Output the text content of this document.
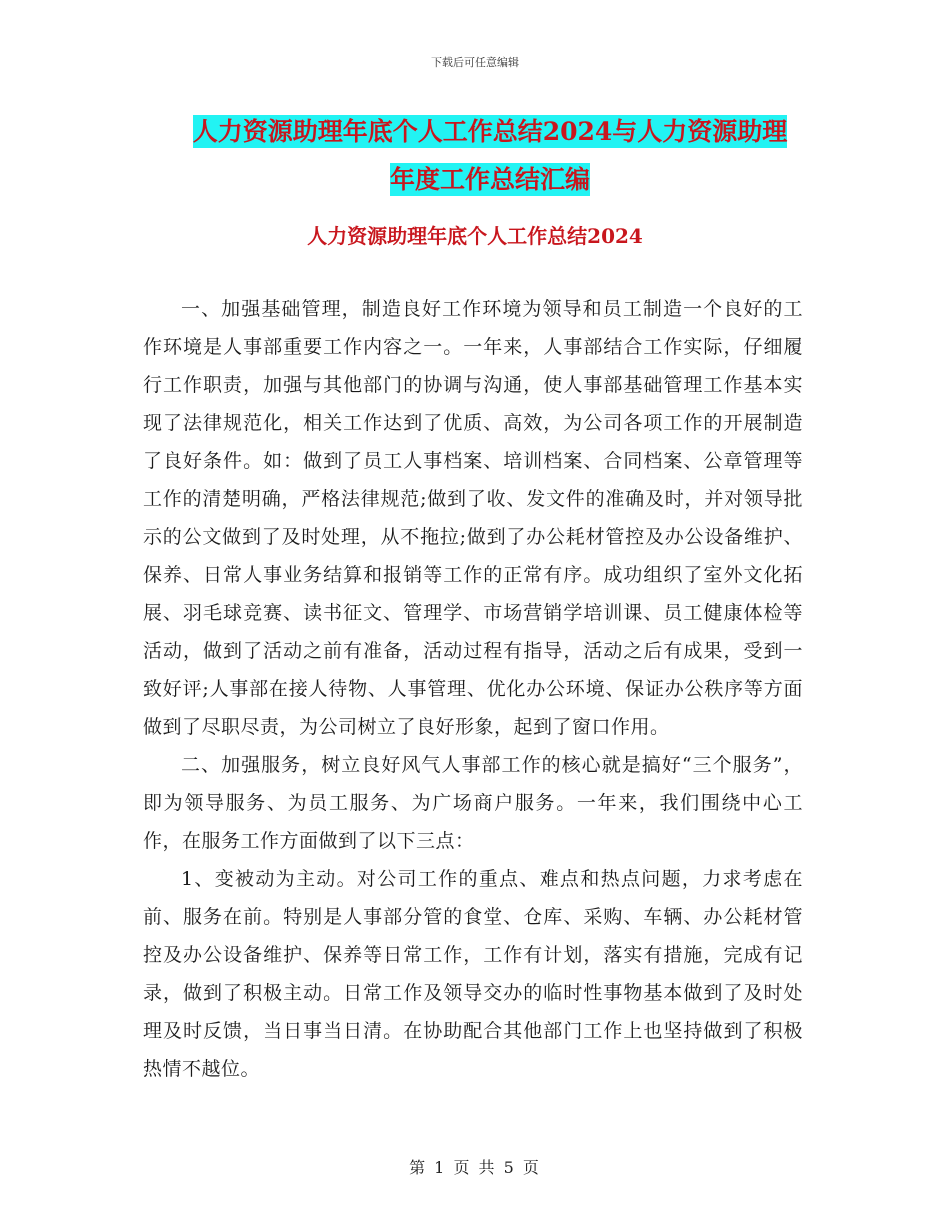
下载后可任意编辑
人力资源助理年底个人工作总结2024与人力资源助理
年度工作总结汇编
人力资源助理年底个人工作总结2024

一、加强基础管理，制造良好工作环境为领导和员工制造一个良好的工作环境是人事部重要工作内容之一。一年来，人事部结合工作实际，仔细履行工作职责，加强与其他部门的协调与沟通，使人事部基础管理工作基本实现了法律规范化，相关工作达到了优质、高效，为公司各项工作的开展制造了良好条件。如：做到了员工人事档案、培训档案、合同档案、公章管理等工作的清楚明确，严格法律规范;做到了收、发文件的准确及时，并对领导批示的公文做到了及时处理，从不拖拉;做到了办公耗材管控及办公设备维护、保养、日常人事业务结算和报销等工作的正常有序。成功组织了室外文化拓展、羽毛球竞赛、读书征文、管理学、市场营销学培训课、员工健康体检等活动，做到了活动之前有准备，活动过程有指导，活动之后有成果，受到一致好评;人事部在接人待物、人事管理、优化办公环境、保证办公秩序等方面做到了尽职尽责，为公司树立了良好形象，起到了窗口作用。

二、加强服务，树立良好风气人事部工作的核心就是搞好“三个服务”，即为领导服务、为员工服务、为广场商户服务。一年来，我们围绕中心工作，在服务工作方面做到了以下三点：

1、变被动为主动。对公司工作的重点、难点和热点问题，力求考虑在前、服务在前。特别是人事部分管的食堂、仓库、采购、车辆、办公耗材管控及办公设备维护、保养等日常工作，工作有计划，落实有措施，完成有记录，做到了积极主动。日常工作及领导交办的临时性事物基本做到了及时处理及时反馈，当日事当日清。在协助配合其他部门工作上也坚持做到了积极热情不越位。

第 1 页 共 5 页
